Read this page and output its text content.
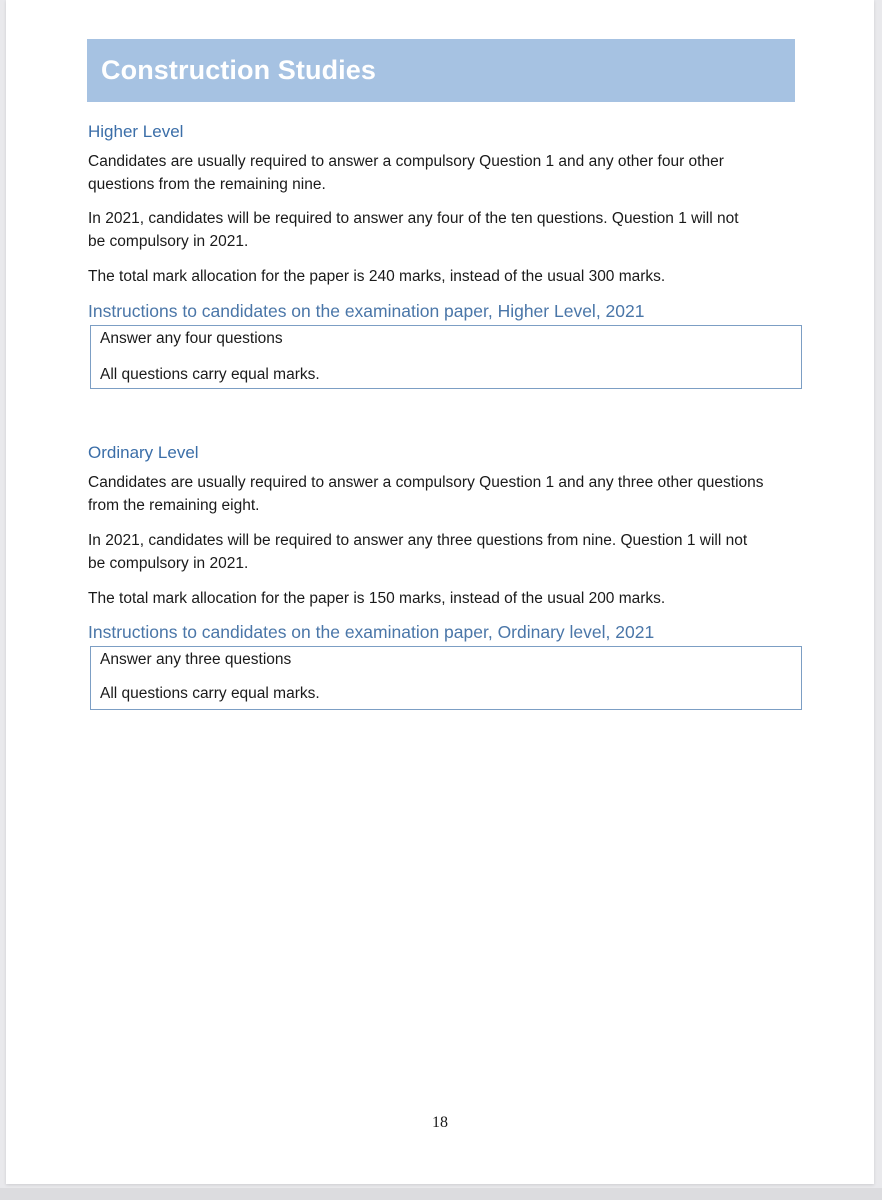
Construction Studies
Higher Level
Candidates are usually required to answer a compulsory Question 1 and any other four other
questions from the remaining nine.
In 2021, candidates will be required to answer any four of the ten questions. Question 1 will not
be compulsory in 2021.
The total mark allocation for the paper is 240 marks, instead of the usual 300 marks.
Instructions to candidates on the examination paper, Higher Level, 2021
Answer any four questions
All questions carry equal marks.
Ordinary Level
Candidates are usually required to answer a compulsory Question 1 and any three other questions
from the remaining eight.
In 2021, candidates will be required to answer any three questions from nine. Question 1 will not
be compulsory in 2021.
The total mark allocation for the paper is 150 marks, instead of the usual 200 marks.
Instructions to candidates on the examination paper, Ordinary level, 2021
Answer any three questions
All questions carry equal marks.
18
